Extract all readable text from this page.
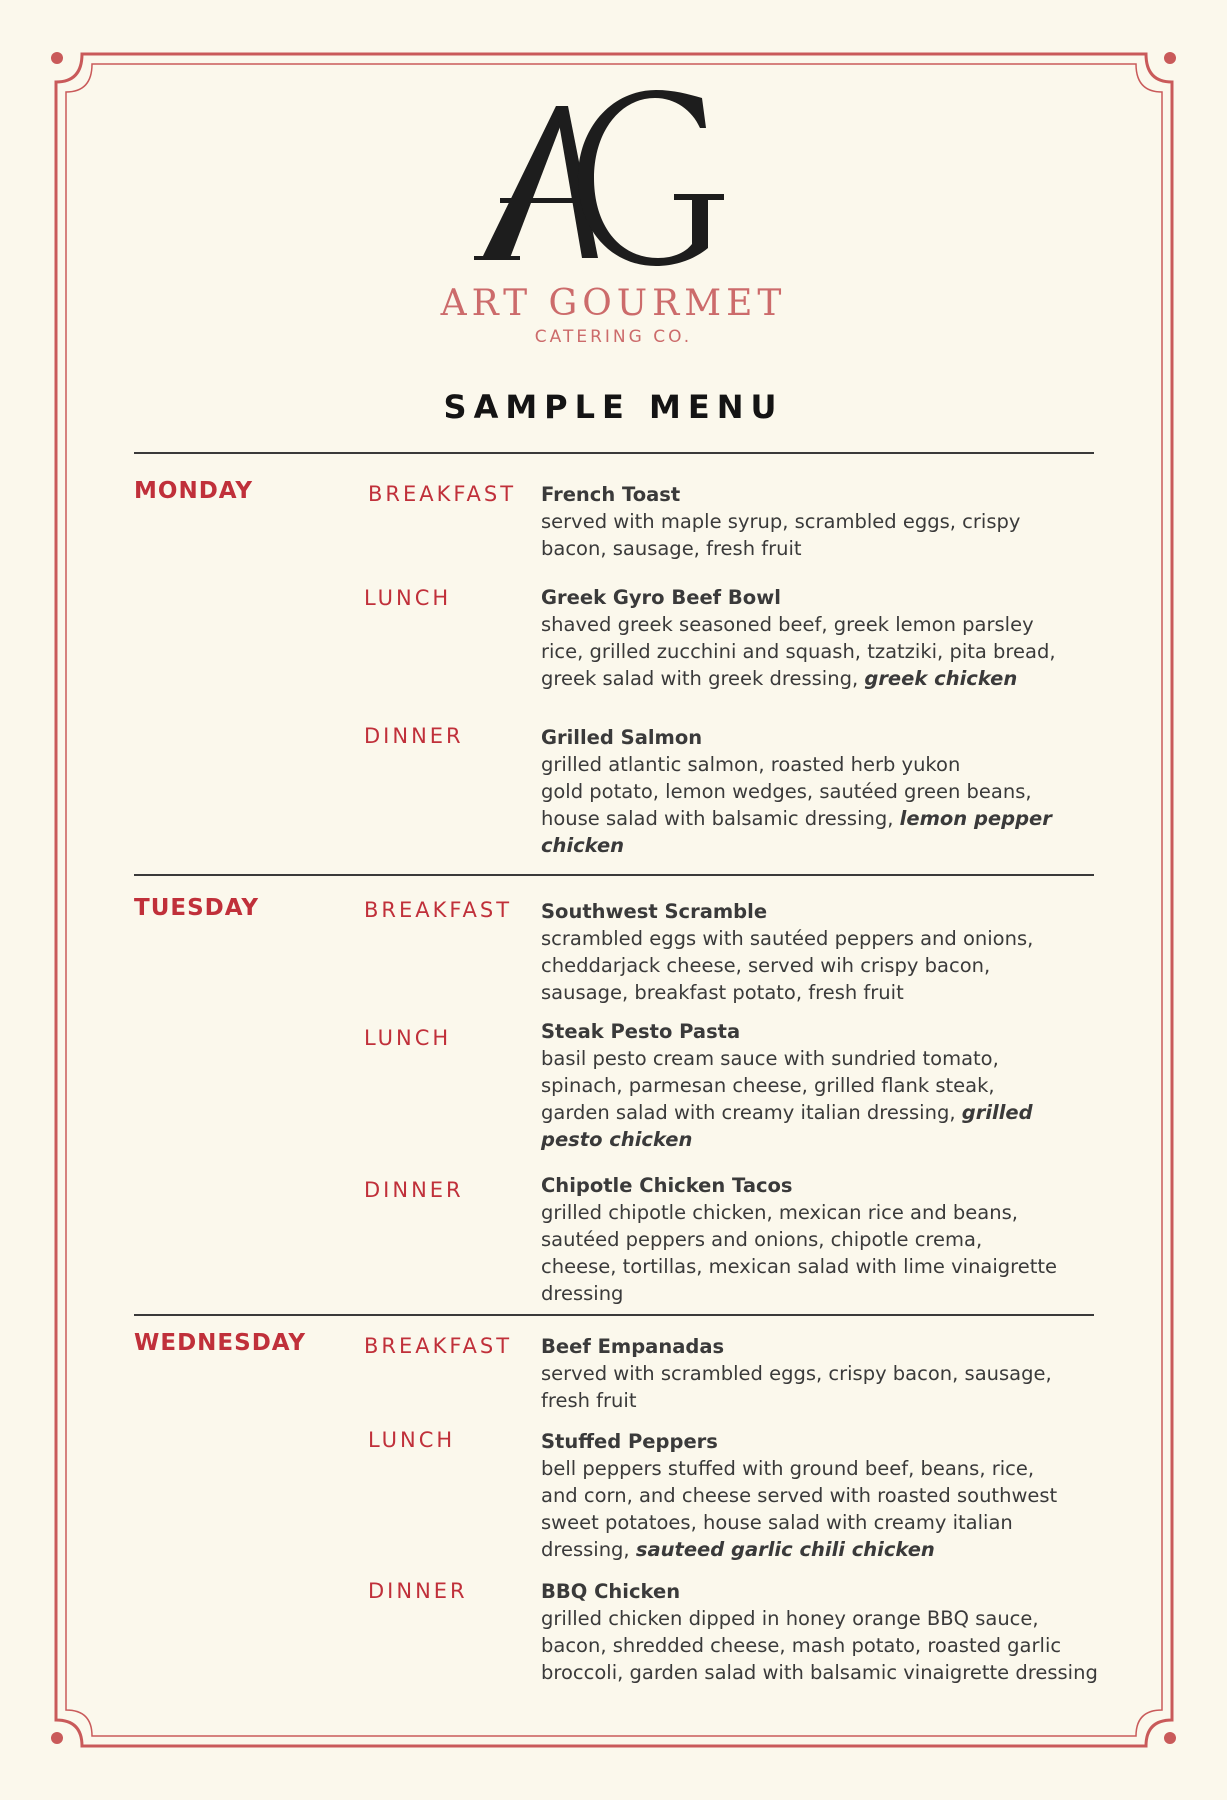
ART GOURMET
CATERING CO.
SAMPLE MENU
MONDAY	BREAKFAST French Toast
served with maple syrup, scrambled eggs, crispy
bacon, sausage, fresh fruit
LUNCH	Greek Gyro Beef Bowl
shaved greek seasoned beef, greek lemon parsley
rice, grilled zucchini and squash, tzatziki, pita bread,
greek salad with greek dressing, greek chicken
DINNER	Grilled Salmon
grilled atlantic salmon, roasted herb yukon
gold potato, lemon wedges, sautéed green beans,
house salad with balsamic dressing, lemon pepper
chicken
TUESDAY	BREAKFAST Southwest Scramble
scrambled eggs with sautéed peppers and onions,
cheddarjack cheese, served wih crispy bacon,
sausage, breakfast potato, fresh fruit
LUNCH	Steak Pesto Pasta
basil pesto cream sauce with sundried tomato,
spinach, parmesan cheese, grilled flank steak,
garden salad with creamy italian dressing, grilled
pesto chicken
DINNER	Chipotle Chicken Tacos
grilled chipotle chicken, mexican rice and beans,
sautéed peppers and onions, chipotle crema,
cheese, tortillas, mexican salad with lime vinaigrette
dressing
WEDNESDAY	BREAKFAST Beef Empanadas
served with scrambled eggs, crispy bacon, sausage,
fresh fruit
LUNCH	Stuffed Peppers
bell peppers stuffed with ground beef, beans, rice,
and corn, and cheese served with roasted southwest
sweet potatoes, house salad with creamy italian
dressing, sauteed garlic chili chicken
DINNER	BBQ Chicken
grilled chicken dipped in honey orange BBQ sauce,
bacon, shredded cheese, mash potato, roasted garlic
broccoli, garden salad with balsamic vinaigrette dressing
